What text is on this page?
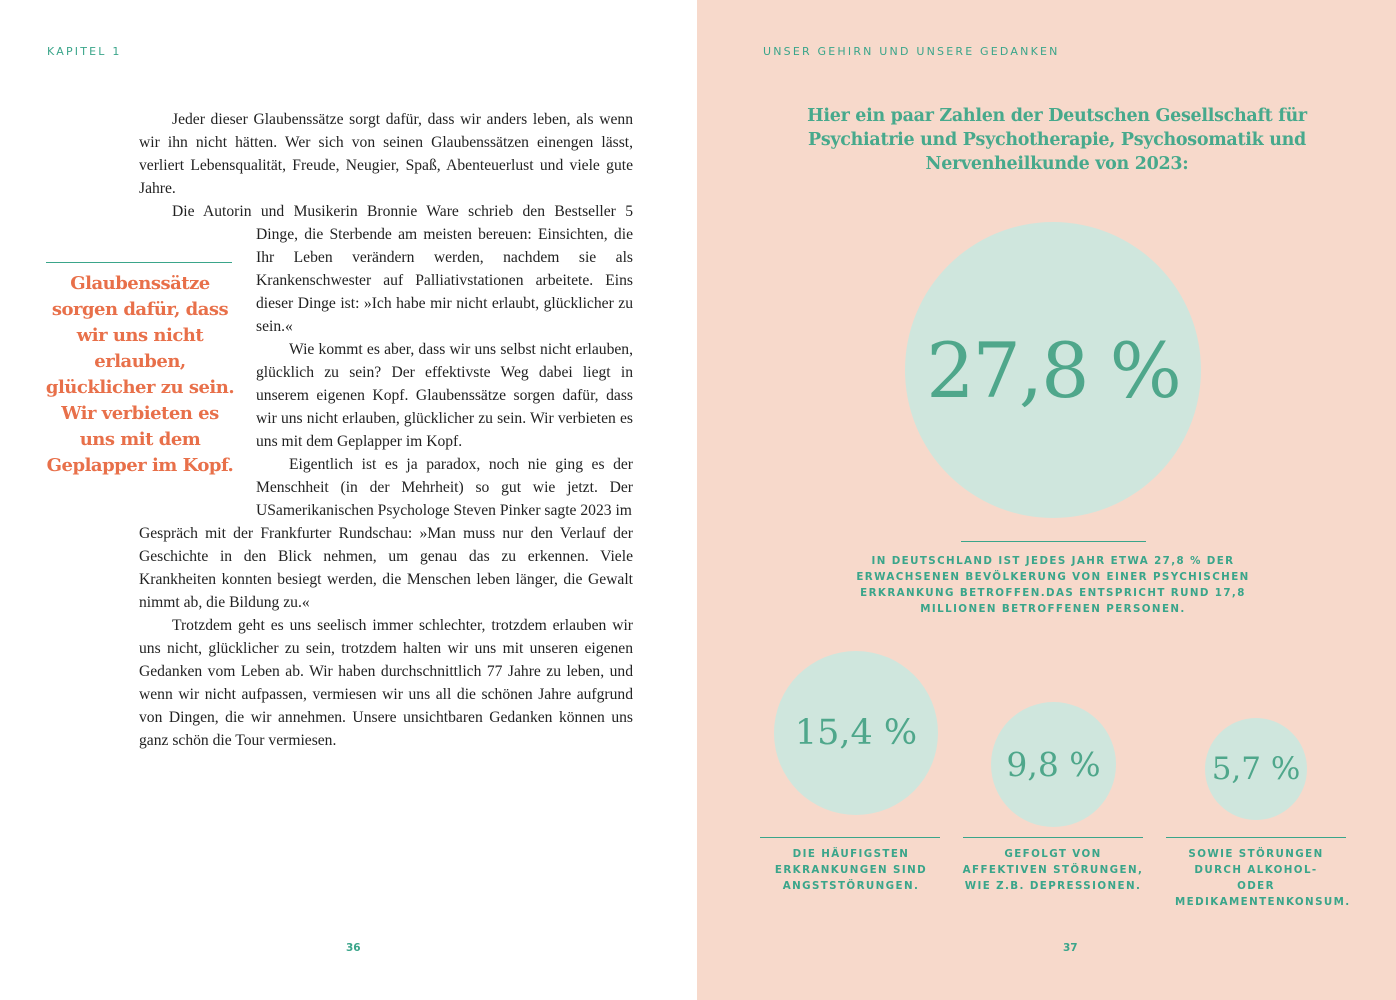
KAPITEL 1

Jeder dieser Glaubenssätze sorgt dafür, dass wir anders leben, als wenn wir ihn nicht hätten. Wer sich von seinen Glaubenssätzen einengen lässt, verliert Lebensqualität, Freude, Neugier, Spaß, Abenteuerlust und viele gute Jahre.

Die Autorin und Musikerin Bronnie Ware schrieb den Bestseller 5

Dinge, die Sterbende am meisten bereuen: Einsichten, die Ihr Leben verändern werden, nachdem sie als Krankenschwester auf Palliativstationen arbeitete. Eins dieser Dinge ist: »Ich habe mir nicht erlaubt, glücklicher zu sein.«

Wie kommt es aber, dass wir uns selbst nicht erlauben, glücklich zu sein? Der effektivste Weg dabei liegt in unserem eigenen Kopf. Glaubenssätze sorgen dafür, dass wir uns nicht erlauben, glücklicher zu sein. Wir verbieten es uns mit dem Geplapper im Kopf.

Eigentlich ist es ja paradox, noch nie ging es der Menschheit (in der Mehrheit) so gut wie jetzt. Der USamerikanischen Psychologe Steven Pinker sagte 2023 im

Gespräch mit der Frankfurter Rundschau: »Man muss nur den Verlauf der Geschichte in den Blick nehmen, um genau das zu erkennen. Viele Krankheiten konnten besiegt werden, die Menschen leben länger, die Gewalt nimmt ab, die Bildung zu.«

Trotzdem geht es uns seelisch immer schlechter, trotzdem erlauben wir uns nicht, glücklicher zu sein, trotzdem halten wir uns mit unseren eigenen Gedanken vom Leben ab. Wir haben durchschnittlich 77 Jahre zu leben, und wenn wir nicht aufpassen, vermiesen wir uns all die schönen Jahre aufgrund von Dingen, die wir annehmen. Unsere unsichtbaren Gedanken können uns ganz schön die Tour vermiesen.

Glaubenssätze sorgen dafür, dass wir uns nicht erlauben, glücklicher zu sein. Wir verbieten es uns mit dem Geplapper im Kopf.
36
UNSER GEHIRN UND UNSERE GEDANKEN
Hier ein paar Zahlen der Deutschen Gesellschaft für Psychiatrie und Psychotherapie, Psychosomatik und Nervenheilkunde von 2023:
27,8 %
IN DEUTSCHLAND IST JEDES JAHR ETWA 27,8 % DER ERWACHSENEN BEVÖLKERUNG VON EINER PSYCHISCHEN ERKRANKUNG BETROFFEN.DAS ENTSPRICHT RUND 17,8 MILLIONEN BETROFFENEN PERSONEN.
15,4 %
9,8 %	5,7 %
DIE HÄUFIGSTEN ERKRANKUNGEN SIND ANGSTSTÖRUNGEN.
GEFOLGT VON AFFEKTIVEN STÖRUNGEN, WIE Z.B. DEPRESSIONEN.
SOWIE STÖRUNGEN DURCH ALKOHOL- ODER MEDIKAMENTENKONSUM.
37
